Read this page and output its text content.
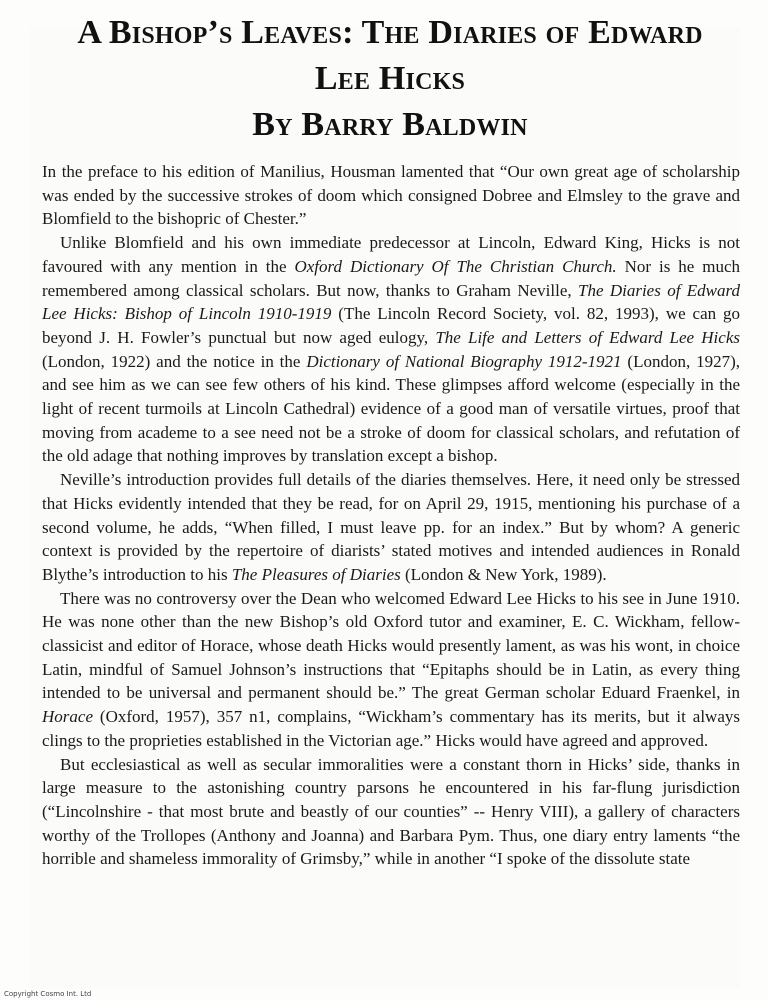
A Bishop’s Leaves: The Diaries of Edward
Lee Hicks
By Barry Baldwin

In the preface to his edition of Manilius, Housman lamented that “Our own great age of scholarship was ended by the successive strokes of doom which consigned Dobree and Elmsley to the grave and Blomfield to the bishopric of Chester.”

Unlike Blomfield and his own immediate predecessor at Lincoln, Edward King, Hicks is not favoured with any mention in the Oxford Dictionary Of The Christian Church. Nor is he much remembered among classical scholars. But now, thanks to Graham Neville, The Diaries of Edward Lee Hicks: Bishop of Lincoln 1910-1919 (The Lincoln Record Society, vol. 82, 1993), we can go beyond J. H. Fowler’s punctual but now aged eulogy, The Life and Letters of Edward Lee Hicks (London, 1922) and the notice in the Dictionary of National Biography 1912-1921 (London, 1927), and see him as we can see few others of his kind. These glimpses afford welcome (especially in the light of recent turmoils at Lincoln Cathedral) evidence of a good man of versatile virtues, proof that moving from academe to a see need not be a stroke of doom for classical scholars, and refutation of the old adage that nothing improves by translation except a bishop.

Neville’s introduction provides full details of the diaries themselves. Here, it need only be stressed that Hicks evidently intended that they be read, for on April 29, 1915, mentioning his purchase of a second volume, he adds, “When filled, I must leave pp. for an index.” But by whom? A generic context is provided by the repertoire of diarists’ stated motives and intended audiences in Ronald Blythe’s introduction to his The Pleasures of Diaries (London & New York, 1989).

There was no controversy over the Dean who welcomed Edward Lee Hicks to his see in June 1910. He was none other than the new Bishop’s old Oxford tutor and examiner, E. C. Wickham, fellow-classicist and editor of Horace, whose death Hicks would presently lament, as was his wont, in choice Latin, mindful of Samuel Johnson’s instructions that “Epitaphs should be in Latin, as every thing intended to be universal and permanent should be.” The great German scholar Eduard Fraenkel, in Horace (Oxford, 1957), 357 n1, complains, “Wickham’s commentary has its merits, but it always clings to the proprieties established in the Victorian age.” Hicks would have agreed and approved.

But ecclesiastical as well as secular immoralities were a constant thorn in Hicks’ side, thanks in large measure to the astonishing country parsons he encountered in his far-flung jurisdiction (“Lincolnshire - that most brute and beastly of our counties” -- Henry VIII), a gallery of characters worthy of the Trollopes (Anthony and Joanna) and Barbara Pym. Thus, one diary entry laments “the horrible and shameless immorality of Grimsby,” while in another “I spoke of the dissolute state

Copyright Cosmo Int. Ltd
